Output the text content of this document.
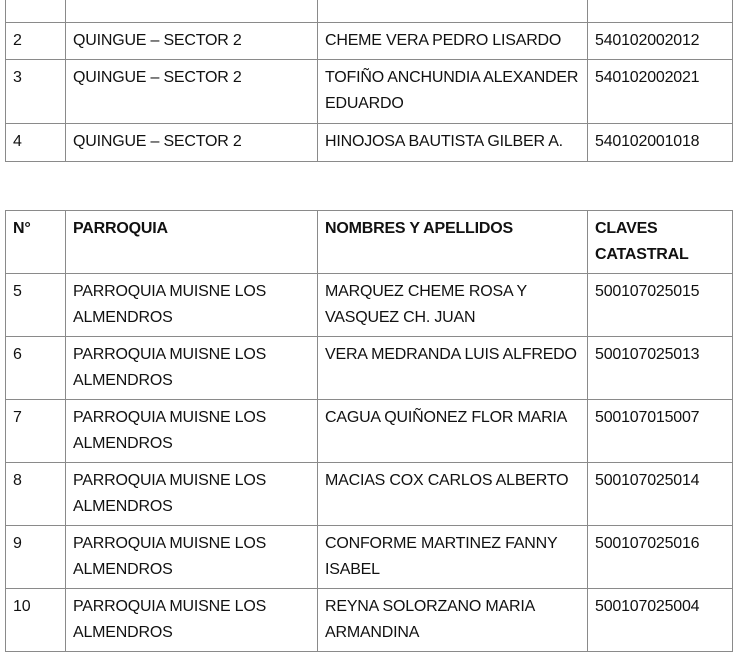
2	QUINGUE – SECTOR 2	CHEME VERA PEDRO LISARDO	540102002012
3	QUINGUE – SECTOR 2	TOFIÑO ANCHUNDIA ALEXANDER EDUARDO	540102002021
4	QUINGUE – SECTOR 2	HINOJOSA BAUTISTA GILBER A.	540102001018
N°	PARROQUIA	NOMBRES Y APELLIDOS	CLAVES CATASTRAL
5	PARROQUIA MUISNE LOS ALMENDROS	MARQUEZ CHEME ROSA Y VASQUEZ CH. JUAN	500107025015
6	PARROQUIA MUISNE LOS ALMENDROS	VERA MEDRANDA LUIS ALFREDO	500107025013
7	PARROQUIA MUISNE LOS ALMENDROS	CAGUA QUIÑONEZ FLOR MARIA	500107015007
8	PARROQUIA MUISNE LOS ALMENDROS	MACIAS COX CARLOS ALBERTO	500107025014
9	PARROQUIA MUISNE LOS ALMENDROS	CONFORME MARTINEZ FANNY ISABEL	500107025016
10	PARROQUIA MUISNE LOS ALMENDROS	REYNA SOLORZANO MARIA ARMANDINA	500107025004
